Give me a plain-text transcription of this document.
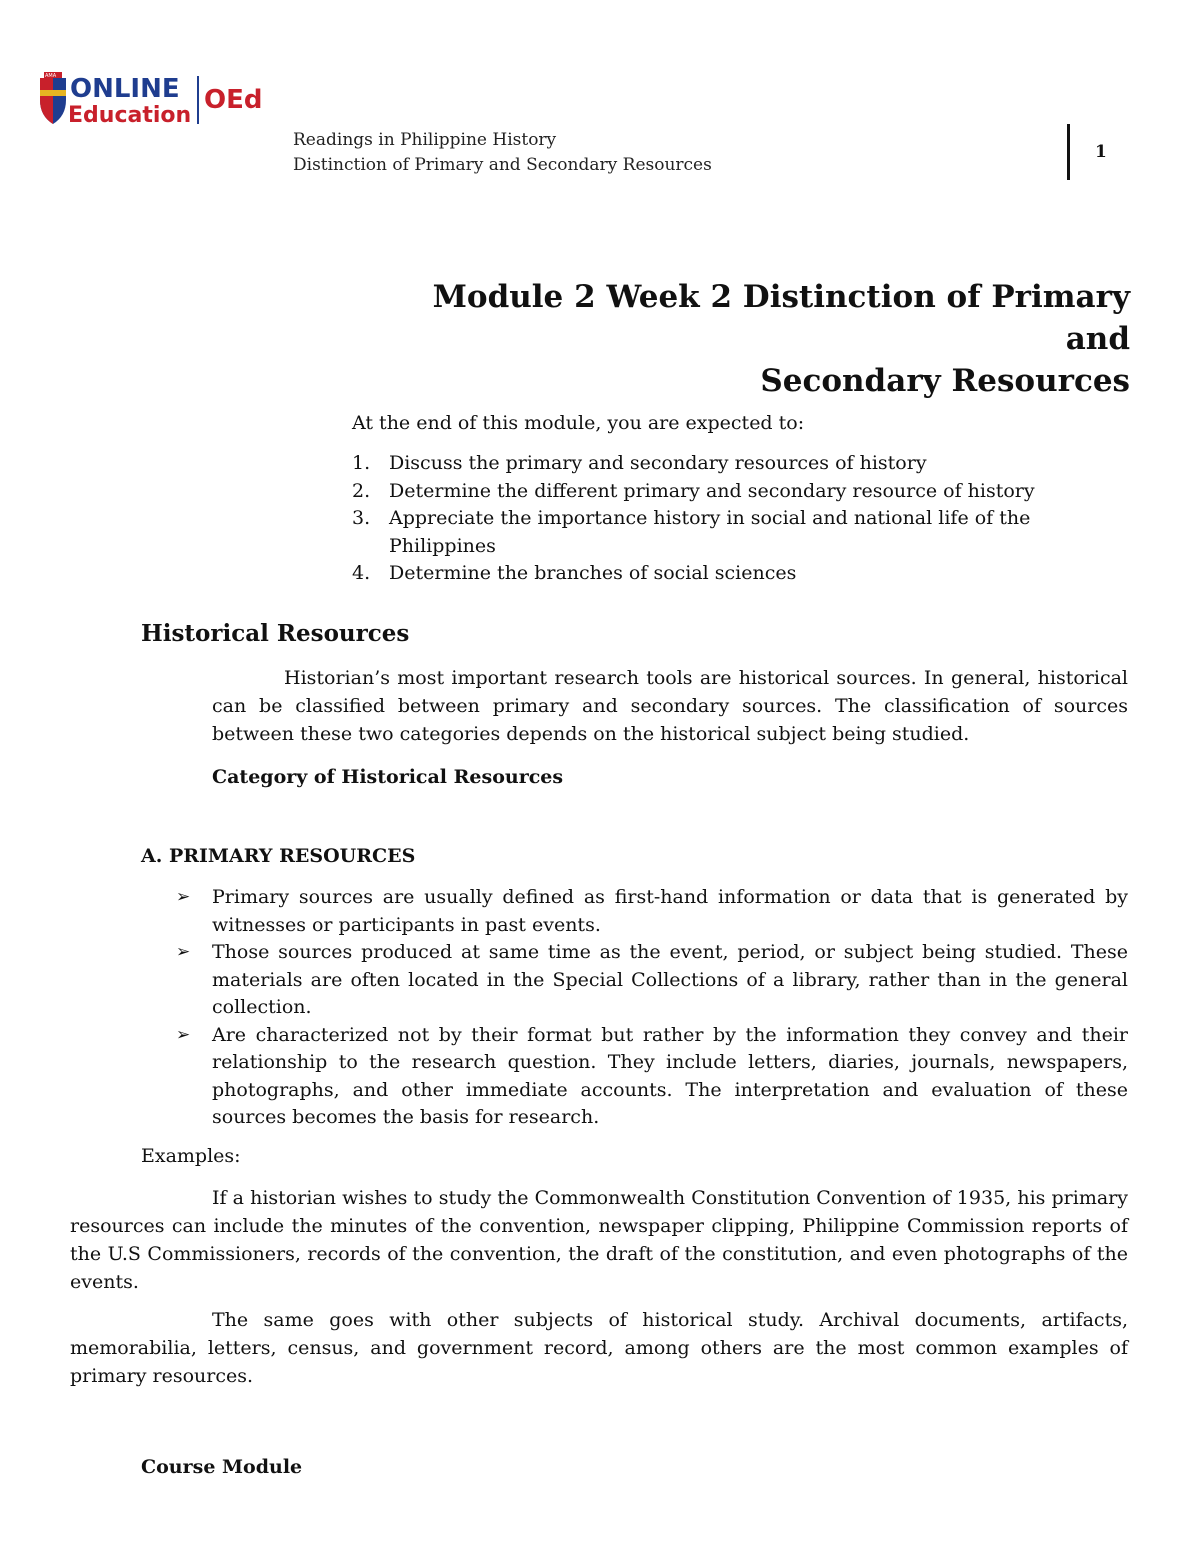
AMA ONLINE
Education
OEd
Readings in Philippine History
Distinction of Primary and Secondary Resources
1
Module 2 Week 2 Distinction of Primary and
Secondary Resources
At the end of this module, you are expected to:
1. Discuss the primary and secondary resources of history
2. Determine the different primary and secondary resource of history
3. Appreciate the importance history in social and national life of the Philippines
4. Determine the branches of social sciences
Historical Resources
Historian’s most important research tools are historical sources. In general, historical can be classified between primary and secondary sources. The classification of sources between these two categories depends on the historical subject being studied.
Category of Historical Resources
A. PRIMARY RESOURCES
➢ Primary sources are usually defined as first-hand information or data that is generated by witnesses or participants in past events.
➢ Those sources produced at same time as the event, period, or subject being studied. These materials are often located in the Special Collections of a library, rather than in the general collection.
➢ Are characterized not by their format but rather by the information they convey and their relationship to the research question. They include letters, diaries, journals, newspapers, photographs, and other immediate accounts. The interpretation and evaluation of these sources becomes the basis for research.
Examples:
If a historian wishes to study the Commonwealth Constitution Convention of 1935, his primary resources can include the minutes of the convention, newspaper clipping, Philippine Commission reports of the U.S Commissioners, records of the convention, the draft of the constitution, and even photographs of the events.
The same goes with other subjects of historical study. Archival documents, artifacts, memorabilia, letters, census, and government record, among others are the most common examples of primary resources.
Course Module
